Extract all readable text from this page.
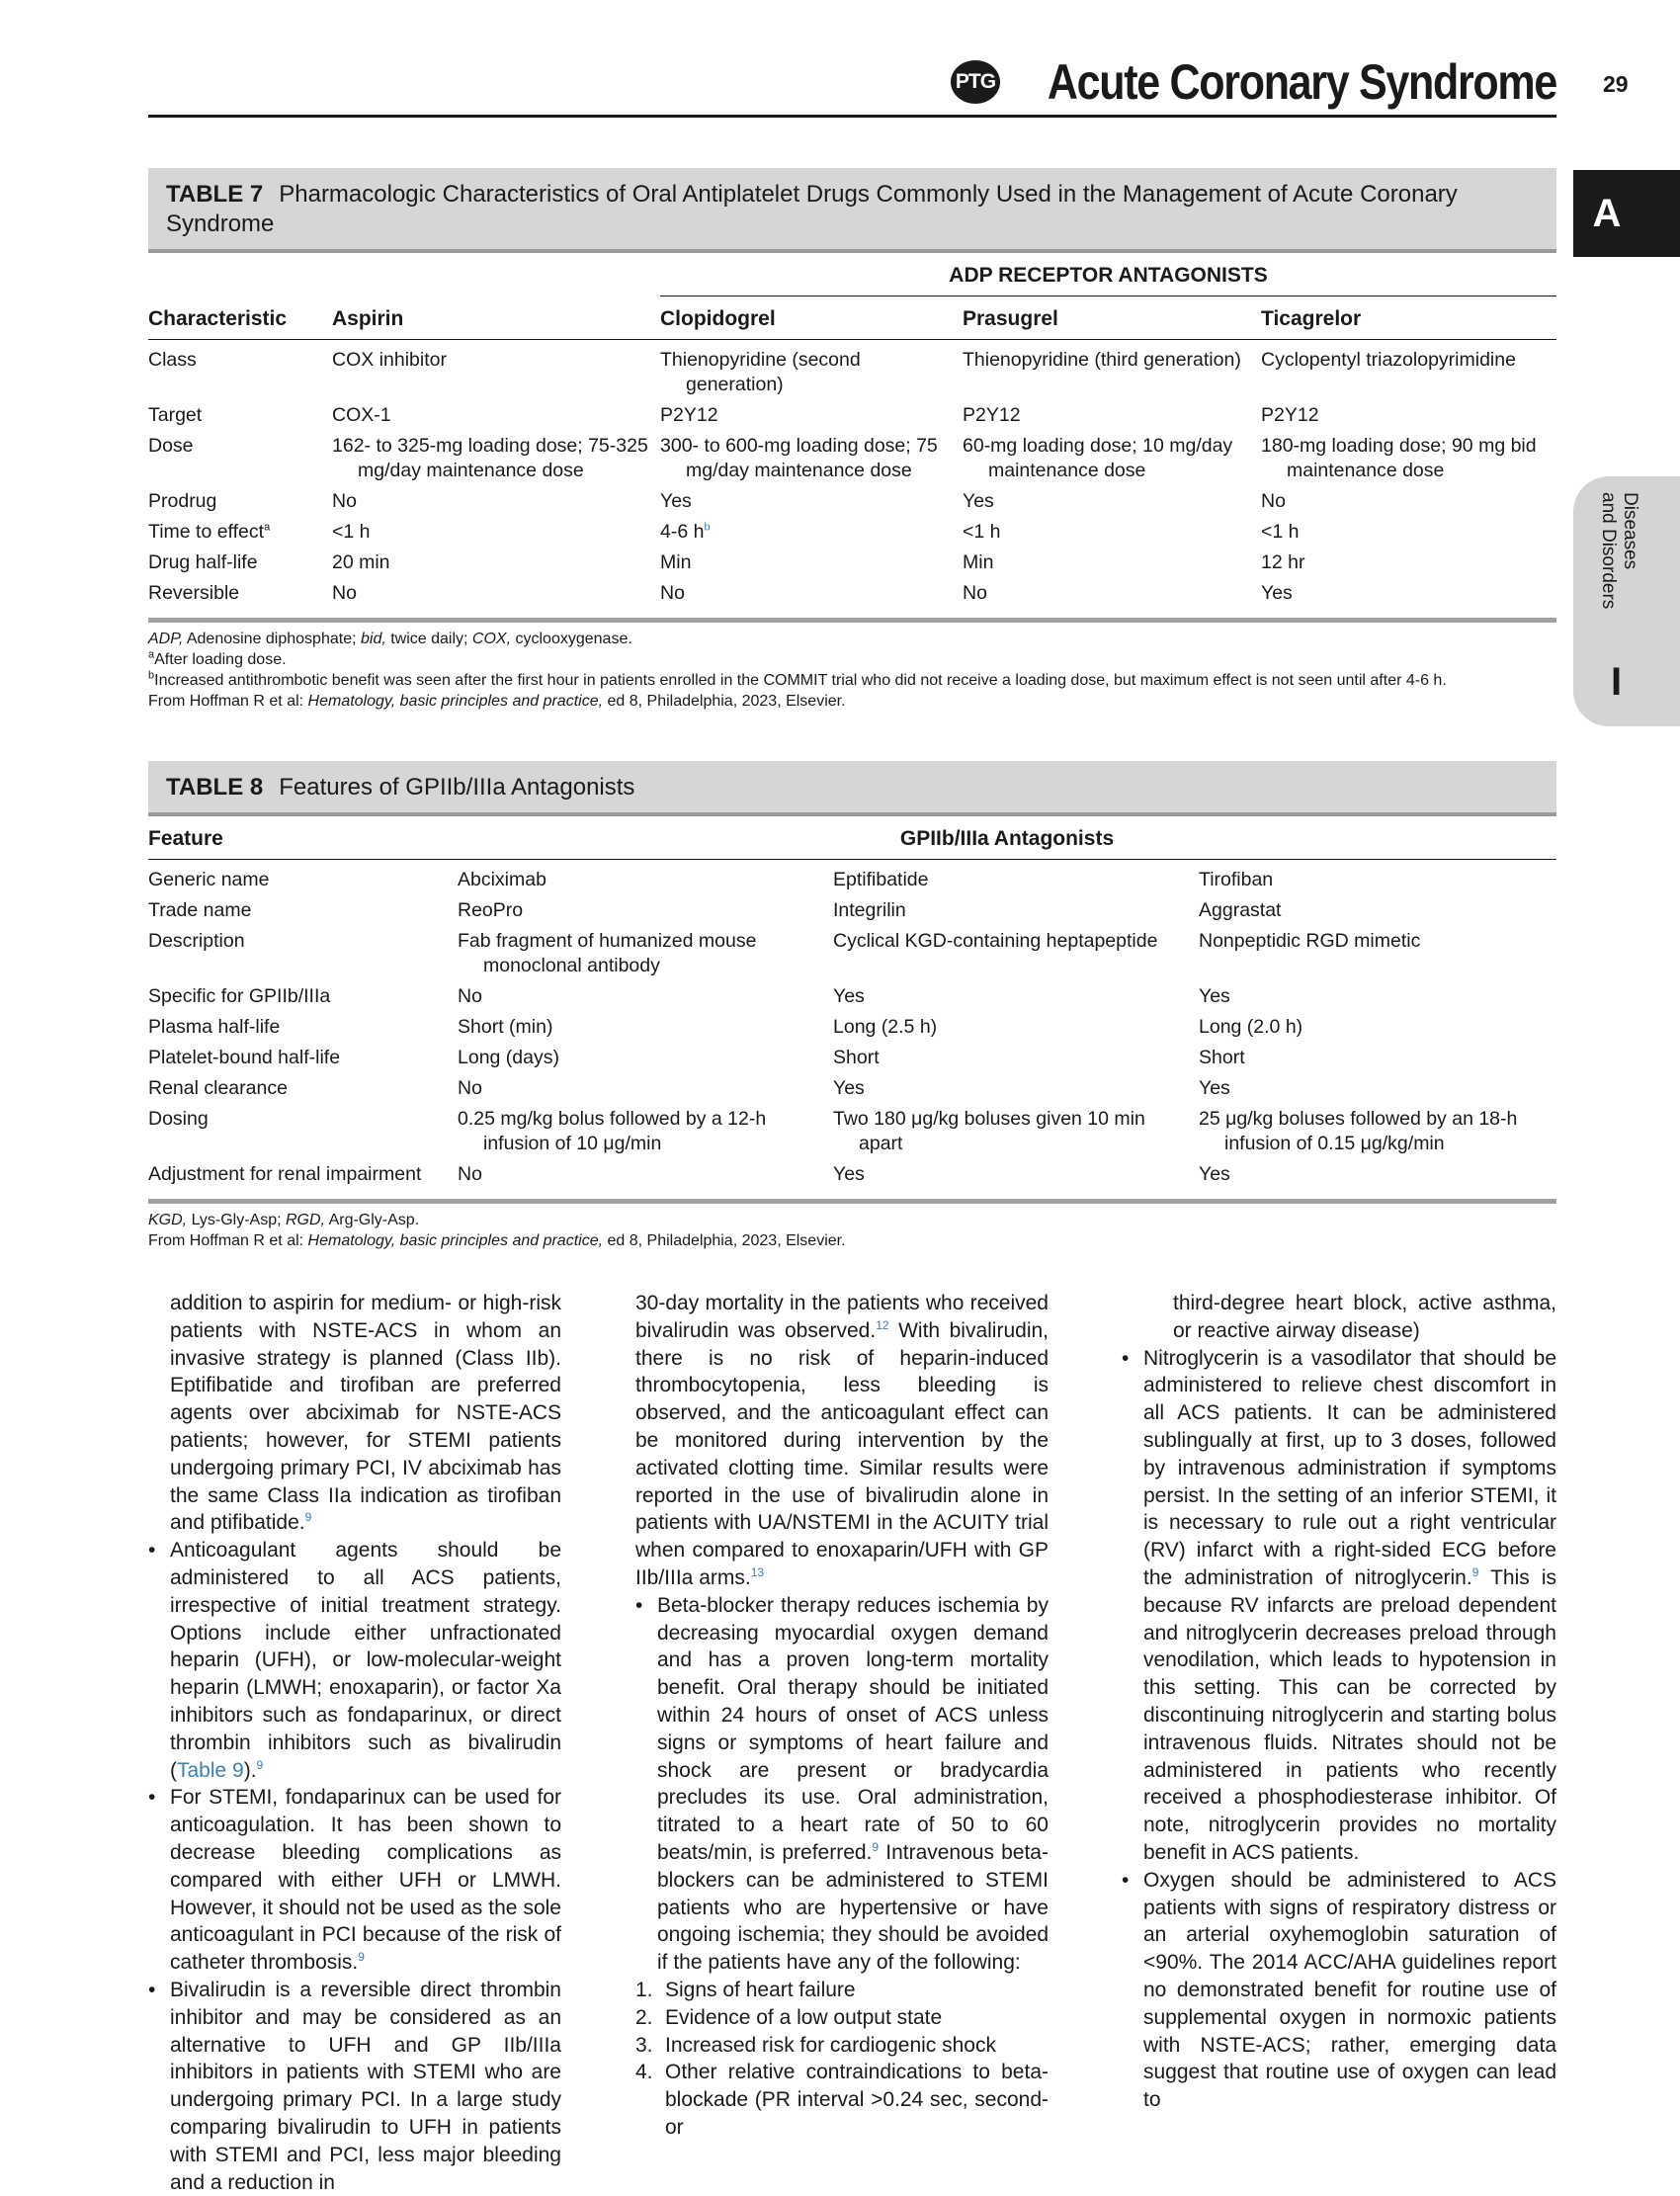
PTG Acute Coronary Syndrome 29
A
Diseases
and Disorders
I
TABLE 7 Pharmacologic Characteristics of Oral Antiplatelet Drugs Commonly Used in the Management of Acute Coronary Syndrome
		ADP RECEPTOR ANTAGONISTS		
Characteristic	Aspirin	Clopidogrel	Prasugrel	Ticagrelor
Class	COX inhibitor	Thienopyridine (second generation)	Thienopyridine (third generation)	Cyclopentyl triazolopyrimidine
Target	COX-1	P2Y12	P2Y12	P2Y12
Dose	162- to 325-mg loading dose; 75-325 mg/day maintenance dose	300- to 600-mg loading dose; 75 mg/day maintenance dose	60-mg loading dose; 10 mg/day maintenance dose	180-mg loading dose; 90 mg bid maintenance dose
Prodrug	No	Yes	Yes	No
Time to effect$^a$	<1 h	4-6 $h^b$	<1 h	<1 h
Drug half-life	20 min	Min	Min	12 hr
Reversible	No	No	No	Yes
ADP, Adenosine diphosphate; bid, twice daily; COX, cyclooxygenase.
$^a$After loading dose.
$^b$Increased antithrombotic benefit was seen after the first hour in patients enrolled in the COMMIT trial who did not receive a loading dose, but maximum effect is not seen until after 4-6 h.
From Hoffman R et al: Hematology, basic principles and practice, ed 8, Philadelphia, 2023, Elsevier.
TABLE 8 Features of GPIIb/IIIa Antagonists
Feature	GPIIb/IIIa Antagonists		
Generic name	Abciximab	Eptifibatide	Tirofiban
Trade name	ReoPro	Integrilin	Aggrastat
Description	Fab fragment of humanized mouse monoclonal antibody	Cyclical KGD-containing heptapeptide	Nonpeptidic RGD mimetic
Specific for GPIIb/IIIa	No	Yes	Yes
Plasma half-life	Short (min)	Long (2.5 h)	Long (2.0 h)
Platelet-bound half-life	Long (days)	Short	Short
Renal clearance	No	Yes	Yes
Dosing	0.25 mg/kg bolus followed by a 12-h infusion of 10 μg/min	Two 180 μg/kg boluses given 10 min apart	25 μg/kg boluses followed by an 18-h infusion of 0.15 μg/kg/min
Adjustment for renal impairment	No	Yes	Yes
KGD, Lys-Gly-Asp; RGD, Arg-Gly-Asp.
From Hoffman R et al: Hematology, basic principles and practice, ed 8, Philadelphia, 2023, Elsevier.

addition to aspirin for medium- or high-risk patients with NSTE-ACS in whom an invasive strategy is planned (Class IIb). Eptifibatide and tirofiban are preferred agents over abciximab for NSTE-ACS patients; however, for STEMI patients undergoing primary PCI, IV abciximab has the same Class IIa indication as tirofiban and ptifibatide.$^9$

• Anticoagulant agents should be administered to all ACS patients, irrespective of initial treatment strategy. Options include either unfractionated heparin (UFH), or low-molecular-weight heparin (LMWH; enoxaparin), or factor Xa inhibitors such as fondaparinux, or direct thrombin inhibitors such as bivalirudin (Table 9).$^9$

• For STEMI, fondaparinux can be used for anticoagulation. It has been shown to decrease bleeding complications as compared with either UFH or LMWH. However, it should not be used as the sole anticoagulant in PCI because of the risk of catheter thrombosis.$^9$

• Bivalirudin is a reversible direct thrombin inhibitor and may be considered as an alternative to UFH and GP IIb/IIIa inhibitors in patients with STEMI who are undergoing primary PCI. In a large study comparing bivalirudin to UFH in patients with STEMI and PCI, less major bleeding and a reduction in

30-day mortality in the patients who received bivalirudin was observed.$^{12}$ With bivalirudin, there is no risk of heparin-induced thrombocytopenia, less bleeding is observed, and the anticoagulant effect can be monitored during intervention by the activated clotting time. Similar results were reported in the use of bivalirudin alone in patients with UA/NSTEMI in the ACUITY trial when compared to enoxaparin/UFH with GP IIb/IIIa arms.$^{13}$

• Beta-blocker therapy reduces ischemia by decreasing myocardial oxygen demand and has a proven long-term mortality benefit. Oral therapy should be initiated within 24 hours of onset of ACS unless signs or symptoms of heart failure and shock are present or bradycardia precludes its use. Oral administration, titrated to a heart rate of 50 to 60 beats/min, is preferred.$^9$ Intravenous beta-blockers can be administered to STEMI patients who are hypertensive or have ongoing ischemia; they should be avoided if the patients have any of the following:

1. Signs of heart failure
2. Evidence of a low output state
3. Increased risk for cardiogenic shock
4. Other relative contraindications to beta-blockade (PR interval >0.24 sec, second- or

third-degree heart block, active asthma, or reactive airway disease)

• Nitroglycerin is a vasodilator that should be administered to relieve chest discomfort in all ACS patients. It can be administered sublingually at first, up to 3 doses, followed by intravenous administration if symptoms persist. In the setting of an inferior STEMI, it is necessary to rule out a right ventricular (RV) infarct with a right-sided ECG before the administration of nitroglycerin.$^9$ This is because RV infarcts are preload dependent and nitroglycerin decreases preload through venodilation, which leads to hypotension in this setting. This can be corrected by discontinuing nitroglycerin and starting bolus intravenous fluids. Nitrates should not be administered in patients who recently received a phosphodiesterase inhibitor. Of note, nitroglycerin provides no mortality benefit in ACS patients.

• Oxygen should be administered to ACS patients with signs of respiratory distress or an arterial oxyhemoglobin saturation of <90%. The 2014 ACC/AHA guidelines report no demonstrated benefit for routine use of supplemental oxygen in normoxic patients with NSTE-ACS; rather, emerging data suggest that routine use of oxygen can lead to
